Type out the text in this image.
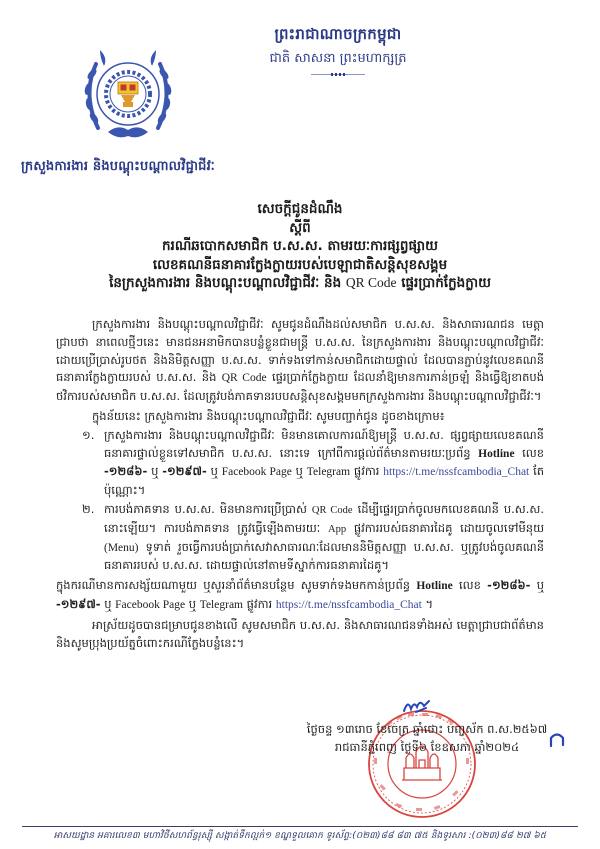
ព្រះរាជាណាចក្រកម្ពុជា
ជាតិ សាសនា ព្រះមហាក្សត្រ
ក្រសួងការងារ និងបណ្តុះបណ្តាលវិជ្ជាជីវៈ
សេចក្តីជូនដំណឹង
ស្តីពី
ករណីឆបោកសមាជិក ប.ស.ស. តាមរយៈការផ្សព្វផ្សាយ
លេខគណនីធនាគារក្លែងក្លាយរបស់បេឡាជាតិសន្តិសុខសង្គម
នៃក្រសួងការងារ និងបណ្តុះបណ្តាលវិជ្ជាជីវៈ និង QR Code ផ្ទេរប្រាក់ក្លែងក្លាយ

ក្រសួងការងារ និងបណ្តុះបណ្តាលវិជ្ជាជីវៈ សូមជូនដំណឹងដល់សមាជិក ប.ស.ស. និងសាធារណជន មេត្តាជ្រាបថា នាពេលថ្មីៗនេះ មានជនអនាមិកបានបន្លំខ្លួនជាមន្ត្រី ប.ស.ស. នៃក្រសួងការងារ និងបណ្តុះបណ្តាលវិជ្ជាជីវៈ ដោយប្រើប្រាស់រូបថត និងនិមិត្តសញ្ញា ប.ស.ស. ទាក់ទងទៅកាន់សមាជិកដោយផ្ទាល់ ដែលបានភ្ជាប់នូវលេខគណនីធនាគារក្លែងក្លាយរបស់ ប.ស.ស. និង QR Code ផ្ទេរប្រាក់ក្លែងក្លាយ ដែលនាំឱ្យមានការភាន់ច្រឡំ និងធ្វើឱ្យខាតបង់ថវិការបស់សមាជិក ប.ស.ស. ដែលត្រូវបង់ភាគទានរបបសន្តិសុខសង្គមមកក្រសួងការងារ និងបណ្តុះបណ្តាលវិជ្ជាជីវៈ។

ក្នុងន័យនេះ ក្រសួងការងារ និងបណ្តុះបណ្តាលវិជ្ជាជីវៈ សូមបញ្ជាក់ជូន ដូចខាងក្រោម៖

១. ក្រសួងការងារ និងបណ្តុះបណ្តាលវិជ្ជាជីវៈ មិនមានគោលការណ៍ឱ្យមន្ត្រី ប.ស.ស. ផ្សព្វផ្សាយលេខគណនីធនាគារផ្ទាល់ខ្លួនទៅសមាជិក ប.ស.ស. នោះទេ ក្រៅពីការផ្តល់ព័ត៌មានតាមរយៈប្រព័ន្ធ Hotline លេខ -១២៨៦- ឬ -១២៩៧- ឬ Facebook Page ឬ Telegram ផ្លូវការ https://t.me/nssfcambodia_Chat តែប៉ុណ្ណោះ។
២. ការបង់ភាគទាន ប.ស.ស. មិនមានការប្រើប្រាស់ QR Code ដើម្បីផ្ទេរប្រាក់ចូលមកលេខគណនី ប.ស.ស. នោះឡើយ។ ការបង់ភាគទាន ត្រូវធ្វើឡើងតាមរយៈ App ផ្លូវការរបស់ធនាគារដៃគូ ដោយចូលទៅមីនុយ (Menu) ទូទាត់ រួចធ្វើការបង់ប្រាក់សេវាសាធារណៈដែលមាននិមិត្តសញ្ញា ប.ស.ស. ឬត្រូវបង់ចូលគណនីធនាគាររបស់ ប.ស.ស. ដោយផ្ទាល់នៅតាមទីស្នាក់ការធនាគារដៃគូ។

ក្នុងករណីមានការសង្ស័យណាមួយ ឬសួរនាំព័ត៌មានបន្ថែម សូមទាក់ទងមកកាន់ប្រព័ន្ធ Hotline លេខ -១២៨៦- ឬ -១២៩៧- ឬ Facebook Page ឬ Telegram ផ្លូវការ https://t.me/nssfcambodia_Chat ។

អាស្រ័យដូចបានជម្រាបជូនខាងលើ សូមសមាជិក ប.ស.ស. និងសាធារណជនទាំងអស់ មេត្តាជ្រាបជាព័ត៌មាន និងសូមប្រុងប្រយ័ត្នចំពោះករណីក្លែងបន្លំនេះ។

ថ្ងៃចន្ទ ១៣រោច ខែចេត្រ ឆ្នាំថោះ បញ្ចស័ក ព.ស.២៥៦៧
រាជធានីភ្នំពេញ ថ្ងៃទី៦ ខែឧសភា ឆ្នាំ២០២៤
អាសយដ្ឋាន អគារលេខ៣ មហាវិថីសហព័ន្ធរុស្ស៊ី សង្កាត់ទឹកល្អក់១ ខណ្ឌទួលគោក ទូរស័ព្ទ:(០២៣)៨៨ ៨៣ ៧៥ និងទូរសារ :(០២៣)៨៨ ២៧ ៦៥
